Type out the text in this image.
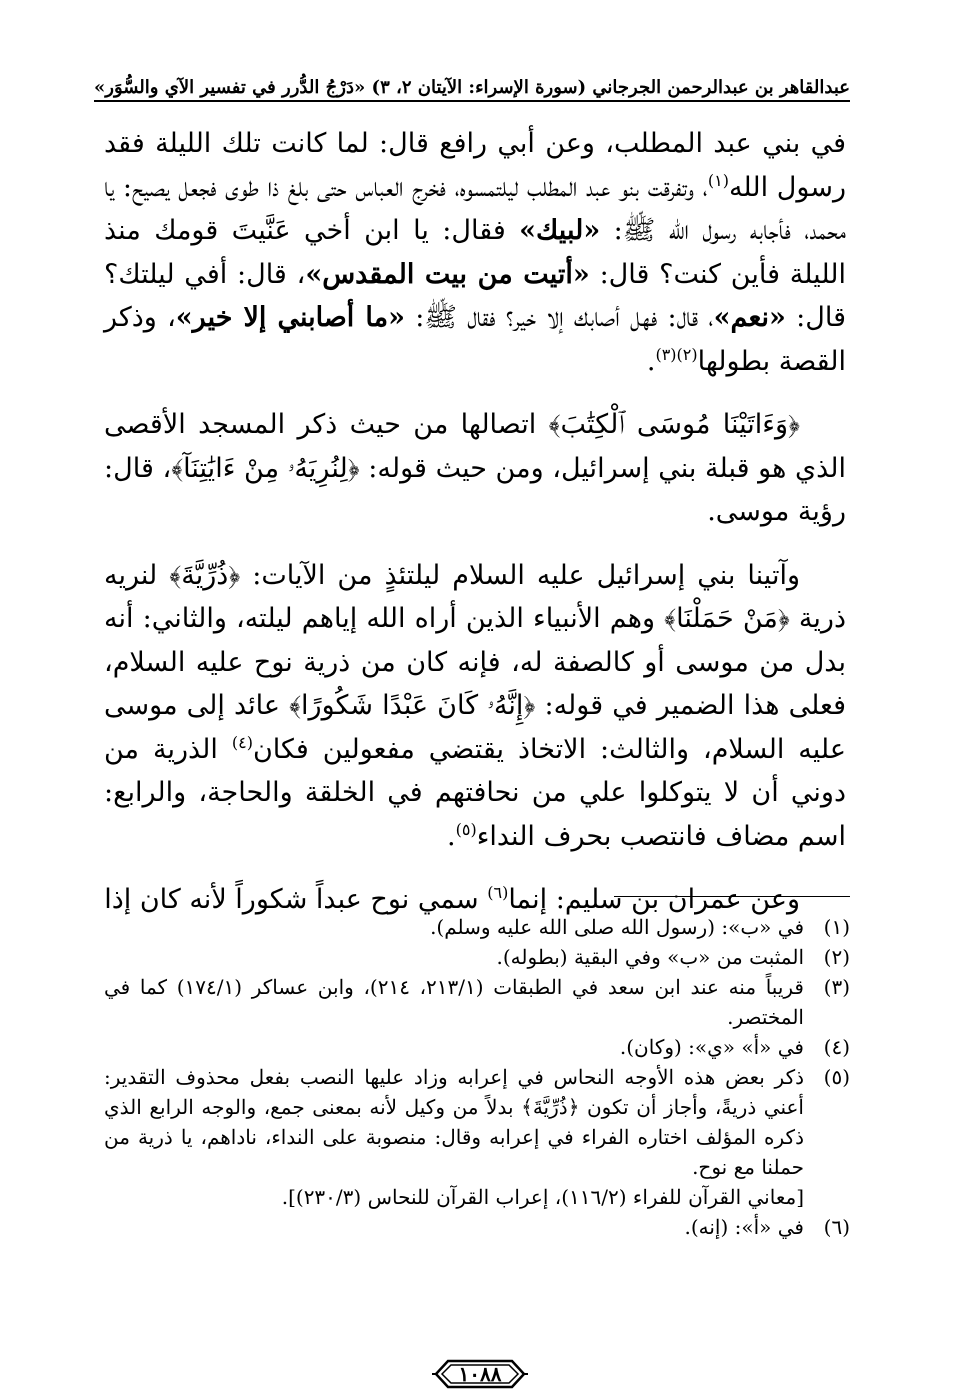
عبدالقاهر بن عبدالرحمن الجرجاني
(سورة الإسراء: الآيتان ٢، ٣)
«دَرْجُ الدُّرر في تفسير الآي والسُّوَر»

في بني عبد المطلب، وعن أبي رافع قال: لما كانت تلك الليلة فقد رسول الله$^{(١)}$، وتفرقت بنو عبد المطلب ليلتمسوه، فخرج العباس حتى بلغ ذا طوى فجعل يصيح: يا محمد، فأجابه رسول الله ﷺ: «لبيك» فقال: يا ابن أخي عَنَّيتَ قومك منذ الليلة فأين كنت؟ قال: «أتيت من بيت المقدس»، قال: أفي ليلتك؟ قال: «نعم»، قال: فهل أصابك إلا خير؟ فقال ﷺ: «ما أصابني إلا خير»، وذكر القصة بطولها$^{(٢)(٣)}$.

﴿وَءَاتَيْنَا مُوسَى ٱلْكِتَٰبَ﴾ اتصالها من حيث ذكر المسجد الأقصى الذي هو قبلة بني إسرائيل، ومن حيث قوله: ﴿لِنُرِيَهُۥ مِنْ ءَايَٰتِنَآ﴾، قال: رؤية موسى.

وآتينا بني إسرائيل عليه السلام ليلتئذٍ من الآيات: ﴿ذُرِّيَّةَ﴾ لنريه ذرية ﴿مَنْ حَمَلْنَا﴾ وهم الأنبياء الذين أراه الله إياهم ليلته، والثاني: أنه بدل من موسى أو كالصفة له، فإنه كان من ذرية نوح عليه السلام، فعلى هذا الضمير في قوله: ﴿إِنَّهُۥ كَانَ عَبْدًا شَكُورًا﴾ عائد إلى موسى عليه السلام، والثالث: الاتخاذ يقتضي مفعولين فكان$^{(٤)}$ الذرية من دوني أن لا يتوكلوا علي من نحافتهم في الخلقة والحاجة، والرابع: اسم مضاف فانتصب بحرف النداء$^{(٥)}$.

وعن عمران بن سليم: إنما$^{(٦)}$ سمي نوح عبداً شكوراً لأنه كان إذا

(١)
في «ب»: (رسول الله صلى الله عليه وسلم).
(٢)
المثبت من «ب» وفي البقية (بطوله).
(٣)
قريباً منه عند ابن سعد في الطبقات (٢١٣/١، ٢١٤)، وابن عساكر (١٧٤/١) كما في المختصر.
(٤)
في «أ» «ي»: (وكان).
(٥)
ذكر بعض هذه الأوجه النحاس في إعرابه وزاد عليها النصب بفعل محذوف التقدير: أعني ذريةً، وأجاز أن تكون ﴿ذُرِّيَّةَ﴾ بدلاً من وكيل لأنه بمعنى جمع، والوجه الرابع الذي ذكره المؤلف اختاره الفراء في إعرابه وقال: منصوبة على النداء، ناداهم، يا ذرية من حملنا مع نوح.
[معاني القرآن للفراء (١١٦/٢)، إعراب القرآن للنحاس (٢٣٠/٣)].
(٦)
في «أ»: (إنه).
١٠٨٨
